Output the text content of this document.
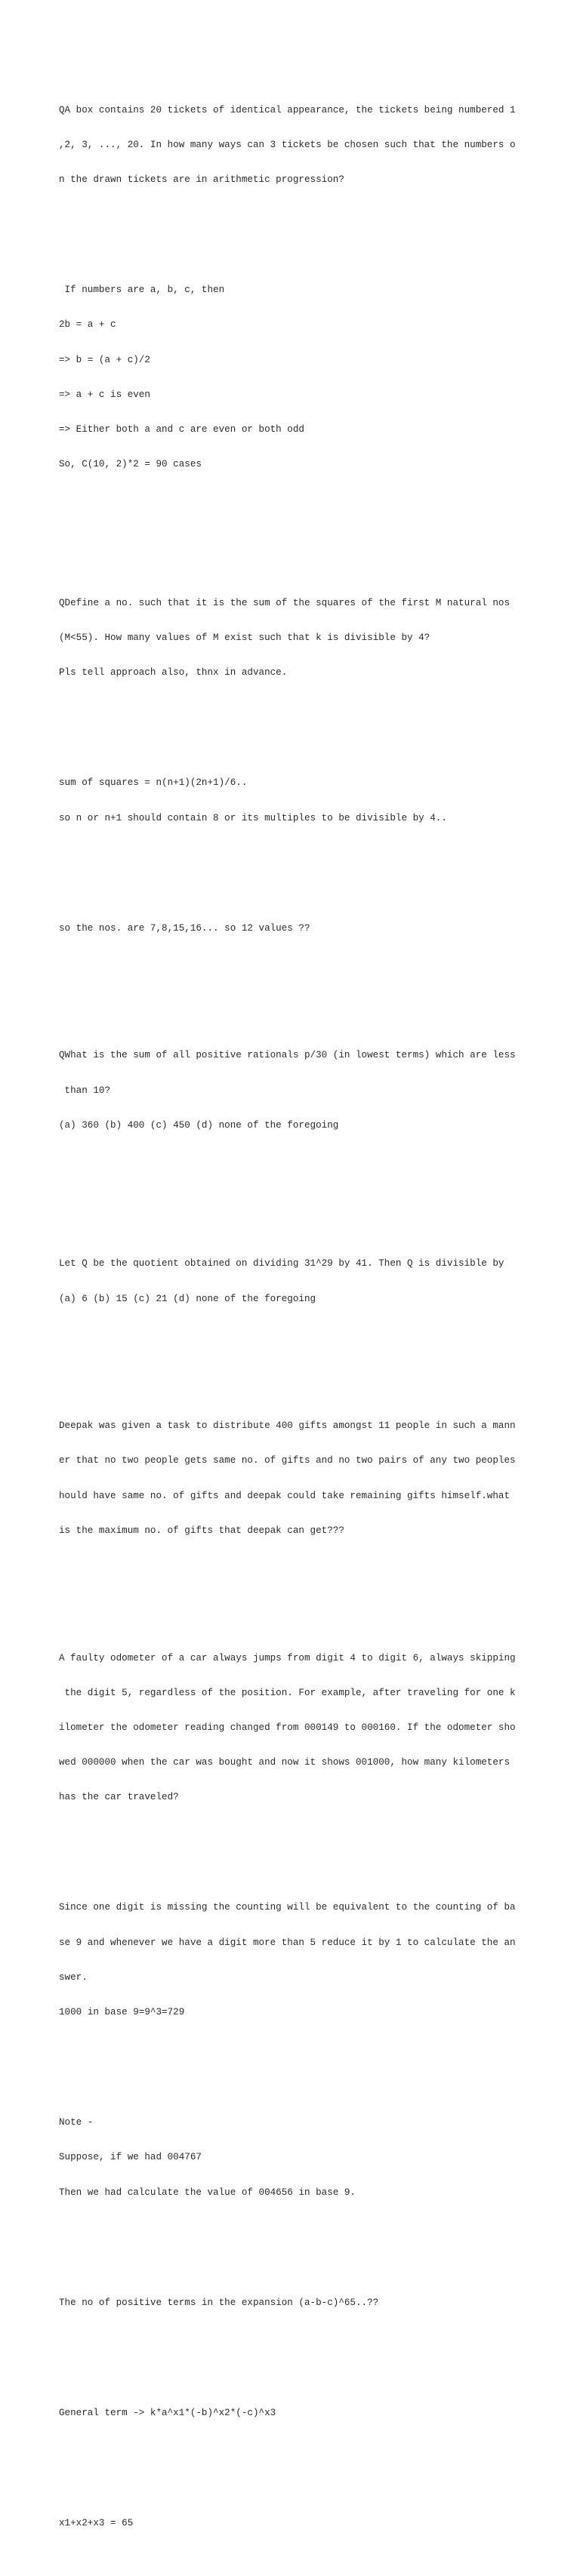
QA box contains 20 tickets of identical appearance, the tickets being numbered 1

,2, 3, ..., 20. In how many ways can 3 tickets be chosen such that the numbers o

n the drawn tickets are in arithmetic progression?

If numbers are a, b, c, then

2b = a + c

=> b = (a + c)/2

=> a + c is even

=> Either both a and c are even or both odd

So, C(10, 2)*2 = 90 cases

QDefine a no. such that it is the sum of the squares of the first M natural nos

(M<55). How many values of M exist such that k is divisible by 4?

Pls tell approach also, thnx in advance.

sum of squares = n(n+1)(2n+1)/6..

so n or n+1 should contain 8 or its multiples to be divisible by 4..

so the nos. are 7,8,15,16... so 12 values ??

QWhat is the sum of all positive rationals p/30 (in lowest terms) which are less

than 10?

(a) 360 (b) 400 (c) 450 (d) none of the foregoing

Let Q be the quotient obtained on dividing 31^29 by 41. Then Q is divisible by

(a) 6 (b) 15 (c) 21 (d) none of the foregoing

Deepak was given a task to distribute 400 gifts amongst 11 people in such a mann

er that no two people gets same no. of gifts and no two pairs of any two peoples

hould have same no. of gifts and deepak could take remaining gifts himself.what

is the maximum no. of gifts that deepak can get???

A faulty odometer of a car always jumps from digit 4 to digit 6, always skipping

the digit 5, regardless of the position. For example, after traveling for one k

ilometer the odometer reading changed from 000149 to 000160. If the odometer sho

wed 000000 when the car was bought and now it shows 001000, how many kilometers

has the car traveled?

Since one digit is missing the counting will be equivalent to the counting of ba

se 9 and whenever we have a digit more than 5 reduce it by 1 to calculate the an

swer.

1000 in base 9=9^3=729

Note -

Suppose, if we had 004767

Then we had calculate the value of 004656 in base 9.

The no of positive terms in the expansion (a-b-c)^65..??

General term -> k*a^x1*(-b)^x2*(-c)^x3

x1+x2+x3 = 65
